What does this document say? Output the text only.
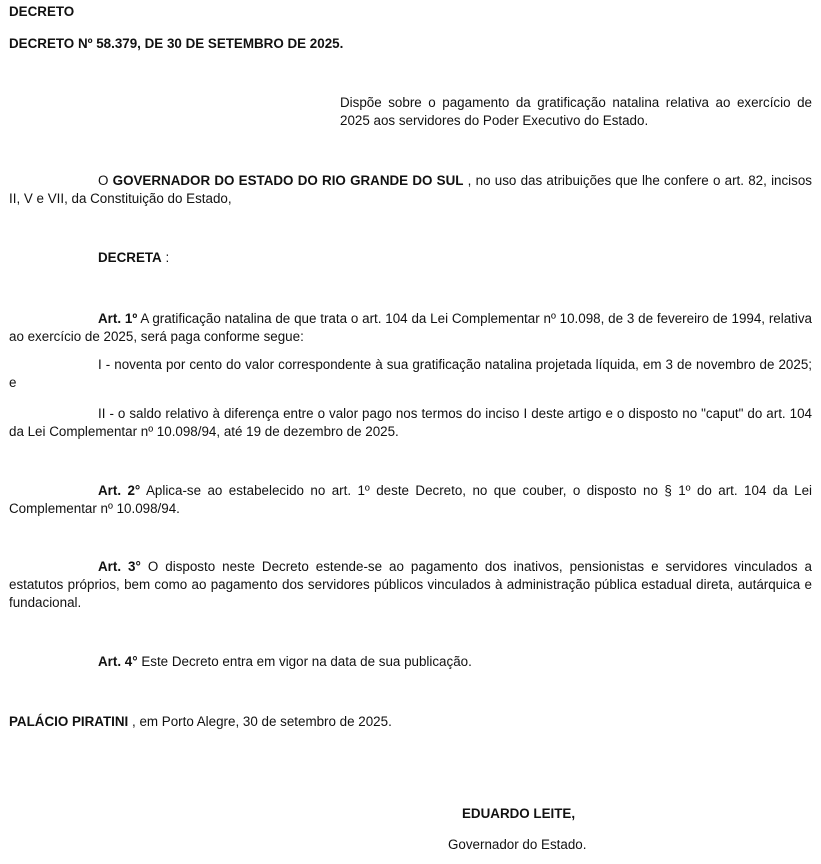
DECRETO

DECRETO Nº 58.379, DE 30 DE SETEMBRO DE 2025.

Dispõe sobre o pagamento da gratificação natalina relativa ao exercício de 2025 aos servidores do Poder Executivo do Estado.

O GOVERNADOR DO ESTADO DO RIO GRANDE DO SUL , no uso das atribuições que lhe confere o art. 82, incisos II, V e VII, da Constituição do Estado,

DECRETA :

Art. 1º A gratificação natalina de que trata o art. 104 da Lei Complementar nº 10.098, de 3 de fevereiro de 1994, relativa ao exercício de 2025, será paga conforme segue:

I - noventa por cento do valor correspondente à sua gratificação natalina projetada líquida, em 3 de novembro de 2025; e

II - o saldo relativo à diferença entre o valor pago nos termos do inciso I deste artigo e o disposto no "caput" do art. 104 da Lei Complementar nº 10.098/94, até 19 de dezembro de 2025.

Art. 2° Aplica-se ao estabelecido no art. 1º deste Decreto, no que couber, o disposto no § 1º do art. 104 da Lei Complementar nº 10.098/94.

Art. 3° O disposto neste Decreto estende-se ao pagamento dos inativos, pensionistas e servidores vinculados a estatutos próprios, bem como ao pagamento dos servidores públicos vinculados à administração pública estadual direta, autárquica e fundacional.

Art. 4° Este Decreto entra em vigor na data de sua publicação.

PALÁCIO PIRATINI , em Porto Alegre, 30 de setembro de 2025.

EDUARDO LEITE,

Governador do Estado.
